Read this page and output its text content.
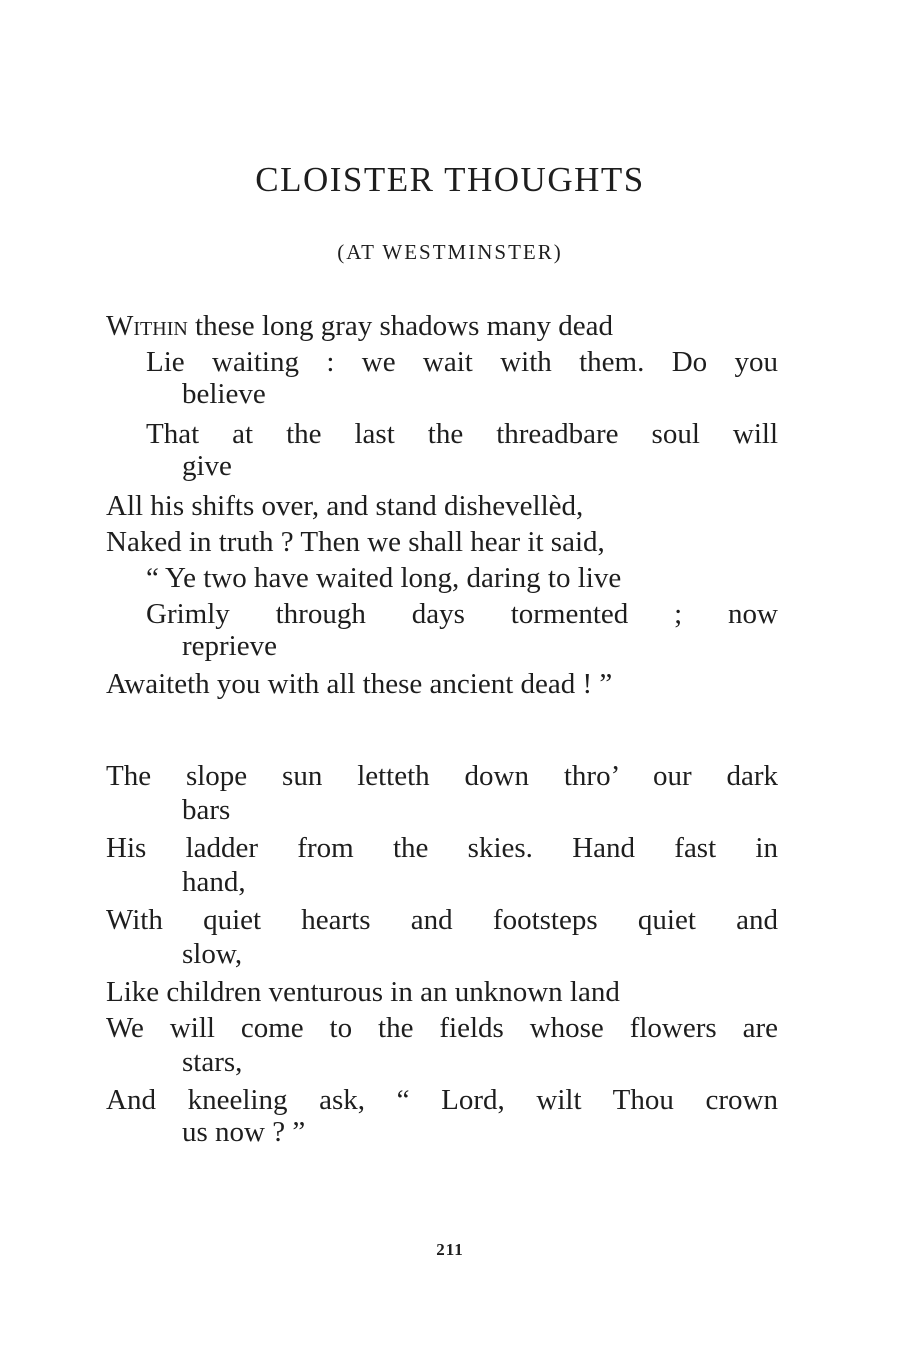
CLOISTER THOUGHTS

(AT WESTMINSTER)

Within these long gray shadows many dead

Lie waiting : we wait with them. Do you

believe

That at the last the threadbare soul will

give

All his shifts over, and stand dishevellèd,

Naked in truth ? Then we shall hear it said,

“ Ye two have waited long, daring to live

Grimly through days tormented ; now

reprieve

Awaiteth you with all these ancient dead ! ”

The slope sun letteth down thro’ our dark

bars

His ladder from the skies. Hand fast in

hand,

With quiet hearts and footsteps quiet and

slow,

Like children venturous in an unknown land

We will come to the fields whose flowers are

stars,

And kneeling ask, “ Lord, wilt Thou crown

us now ? ”

211
